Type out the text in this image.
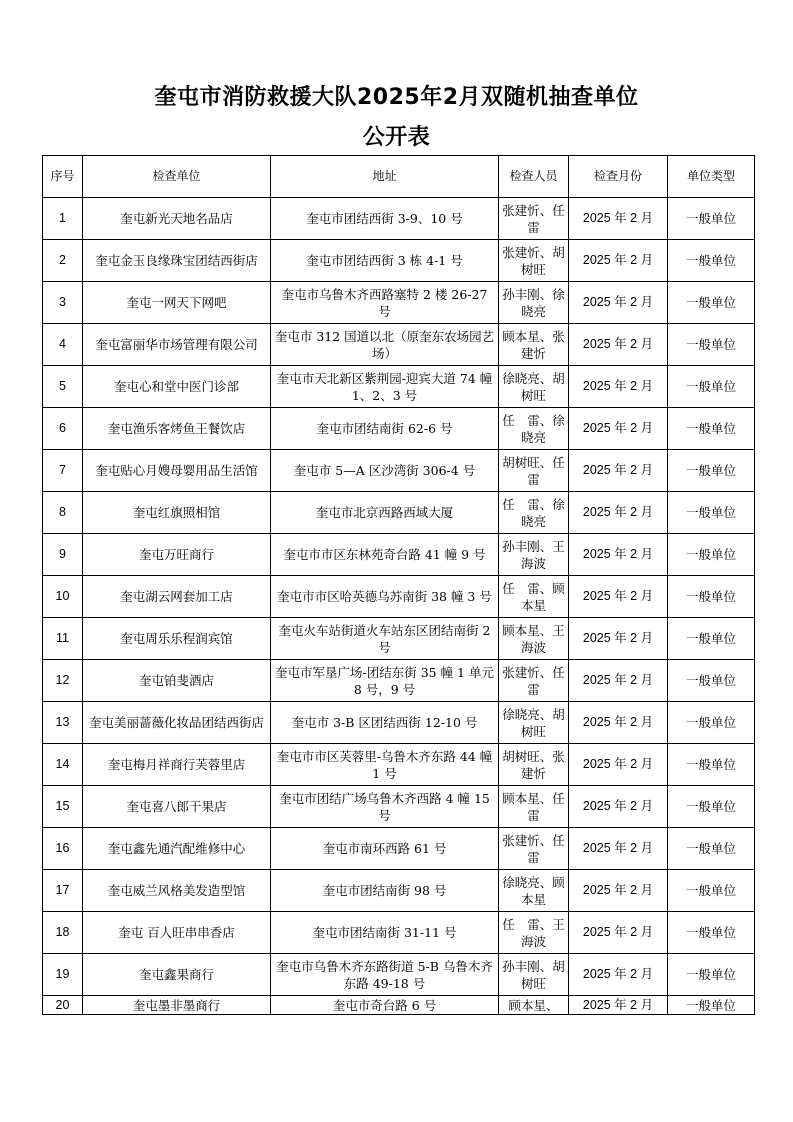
奎屯市消防救援大队2025年2月双随机抽查单位
公开表
序号	检查单位	地址	检查人员	检查月份	单位类型
1	奎屯新光天地名品店	奎屯市团结西街 3-9、10 号	张建忻、任　雷	2025 年 2 月	一般单位
2	奎屯金玉良缘珠宝团结西街店	奎屯市团结西街 3 栋 4-1 号	张建忻、胡树旺	2025 年 2 月	一般单位
3	奎屯一网天下网吧	奎屯市乌鲁木齐西路塞特 2 楼 26-27 号	孙丰刚、徐晓亮	2025 年 2 月	一般单位
4	奎屯富丽华市场管理有限公司	奎屯市 312 国道以北（原奎东农场园艺场）	顾本星、张建忻	2025 年 2 月	一般单位
5	奎屯心和堂中医门诊部	奎屯市天北新区紫荆园-迎宾大道 74 幢 1、2、3 号	徐晓亮、胡树旺	2025 年 2 月	一般单位
6	奎屯渔乐客烤鱼王餐饮店	奎屯市团结南街 62-6 号	任　雷、徐晓亮	2025 年 2 月	一般单位
7	奎屯贴心月嫂母婴用品生活馆	奎屯市 5—A 区沙湾街 306-4 号	胡树旺、任　雷	2025 年 2 月	一般单位
8	奎屯红旗照相馆	奎屯市北京西路西域大厦	任　雷、徐晓亮	2025 年 2 月	一般单位
9	奎屯万旺商行	奎屯市市区东林苑奇台路 41 幢 9 号	孙丰刚、王海波	2025 年 2 月	一般单位
10	奎屯湖云网套加工店	奎屯市市区哈英德乌苏南街 38 幢 3 号	任　雷、顾本星	2025 年 2 月	一般单位
11	奎屯周乐乐程润宾馆	奎屯火车站街道火车站东区团结南街 2 号	顾本星、王海波	2025 年 2 月	一般单位
12	奎屯铂斐酒店	奎屯市军垦广场-团结东街 35 幢 1 单元 8 号，9 号	张建忻、任　雷	2025 年 2 月	一般单位
13	奎屯美丽蔷薇化妆品团结西街店	奎屯市 3-B 区团结西街 12-10 号	徐晓亮、胡树旺	2025 年 2 月	一般单位
14	奎屯梅月祥商行芙蓉里店	奎屯市市区芙蓉里-乌鲁木齐东路 44 幢 1 号	胡树旺、张建忻	2025 年 2 月	一般单位
15	奎屯喜八郎干果店	奎屯市团结广场乌鲁木齐西路 4 幢 15 号	顾本星、任　雷	2025 年 2 月	一般单位
16	奎屯鑫先通汽配维修中心	奎屯市南环西路 61 号	张建忻、任　雷	2025 年 2 月	一般单位
17	奎屯威兰风格美发造型馆	奎屯市团结南街 98 号	徐晓亮、顾本星	2025 年 2 月	一般单位
18	奎屯 百人旺串串香店	奎屯市团结南街 31-11 号	任　雷、王海波	2025 年 2 月	一般单位
19	奎屯鑫果商行	奎屯市乌鲁木齐东路街道 5-B 乌鲁木齐东路 49-18 号	孙丰刚、胡树旺	2025 年 2 月	一般单位
20	奎屯墨非墨商行	奎屯市奇台路 6 号	顾本星、	2025 年 2 月	一般单位
